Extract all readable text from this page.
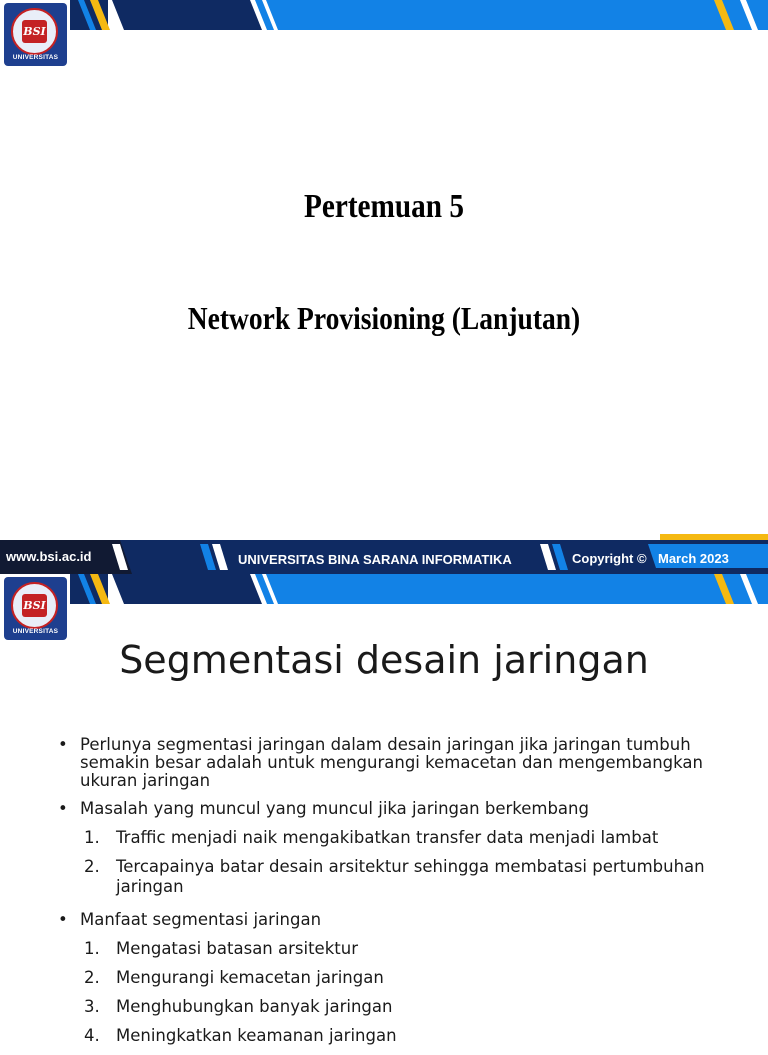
BSI
UNIVERSITAS
Pertemuan 5
Network Provisioning (Lanjutan)
www.bsi.ac.id	UNIVERSITAS BINA SARANA INFORMATIKA	Copyright © March 2023
BSI
UNIVERSITAS
Segmentasi desain jaringan
• Perlunya segmentasi jaringan dalam desain jaringan jika jaringan tumbuh semakin besar adalah untuk mengurangi kemacetan dan mengembangkan ukuran jaringan
• Masalah yang muncul yang muncul jika jaringan berkembang
1. Traffic menjadi naik mengakibatkan transfer data menjadi lambat
2. Tercapainya batar desain arsitektur sehingga membatasi pertumbuhan jaringan
• Manfaat segmentasi jaringan
1. Mengatasi batasan arsitektur
2. Mengurangi kemacetan jaringan
3. Menghubungkan banyak jaringan
4. Meningkatkan keamanan jaringan
